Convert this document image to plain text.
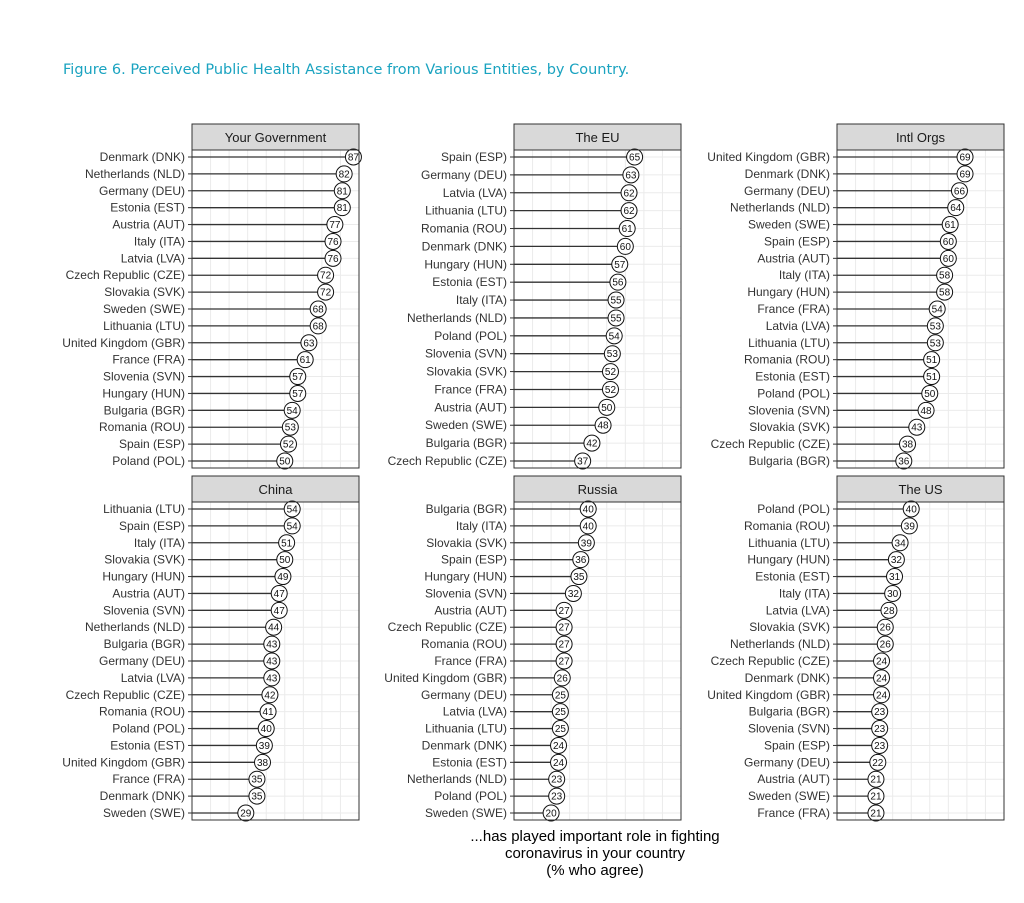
Figure 6. Perceived Public Health Assistance from Various Entities, by Country.
Your Government
Denmark (DNK)	87
Netherlands (NLD)	82
Germany (DEU)	81
Estonia (EST)	81
Austria (AUT)	77
Italy (ITA)	76
Latvia (LVA)	76
Czech Republic (CZE)	72
Slovakia (SVK)	72
Sweden (SWE)	68
Lithuania (LTU)	68
United Kingdom (GBR)	63
France (FRA)	61
Slovenia (SVN)	57
Hungary (HUN)	57
Bulgaria (BGR)	54
Romania (ROU)	53
Spain (ESP)	52
Poland (POL)	50
The EU
Spain (ESP)	65
Germany (DEU)	63
Latvia (LVA)	62
Lithuania (LTU)	62
Romania (ROU)	61
Denmark (DNK)	60
Hungary (HUN)	57
Estonia (EST)	56
Italy (ITA)	55
Netherlands (NLD)	55
Poland (POL)	54
Slovenia (SVN)	53
Slovakia (SVK)	52
France (FRA)	52
Austria (AUT)	50
Sweden (SWE)	48
Bulgaria (BGR)	42
Czech Republic (CZE)	37
Intl Orgs
United Kingdom (GBR)	69
Denmark (DNK)	69
Germany (DEU)	66
Netherlands (NLD)	64
Sweden (SWE)	61
Spain (ESP)	60
Austria (AUT)	60
Italy (ITA)	58
Hungary (HUN)	58
France (FRA)	54
Latvia (LVA)	53
Lithuania (LTU)	53
Romania (ROU)	51
Estonia (EST)	51
Poland (POL)	50
Slovenia (SVN)	48
Slovakia (SVK)	43
Czech Republic (CZE)	38
Bulgaria (BGR)	36
China
Lithuania (LTU)	54
Spain (ESP)	54
Italy (ITA)	51
Slovakia (SVK)	50
Hungary (HUN)	49
Austria (AUT)	47
Slovenia (SVN)	47
Netherlands (NLD)	44
Bulgaria (BGR)	43
Germany (DEU)	43
Latvia (LVA)	43
Czech Republic (CZE)	42
Romania (ROU)	41
Poland (POL)	40
Estonia (EST)	39
United Kingdom (GBR)	38
France (FRA)	35
Denmark (DNK)	35
Sweden (SWE)	29
Russia
Bulgaria (BGR)	40
Italy (ITA)	40
Slovakia (SVK)	39
Spain (ESP)	36
Hungary (HUN)	35
Slovenia (SVN)	32
Austria (AUT)	27
Czech Republic (CZE)	27
Romania (ROU)	27
France (FRA)	27
United Kingdom (GBR)	26
Germany (DEU)	25
Latvia (LVA)	25
Lithuania (LTU)	25
Denmark (DNK)	24
Estonia (EST)	24
Netherlands (NLD)	23
Poland (POL)	23
Sweden (SWE)	20
The US
Poland (POL)	40
Romania (ROU)	39
Lithuania (LTU)	34
Hungary (HUN)	32
Estonia (EST)	31
Italy (ITA)	30
Latvia (LVA)	28
Slovakia (SVK)	26
Netherlands (NLD)	26
Czech Republic (CZE)	24
Denmark (DNK)	24
United Kingdom (GBR)	24
Bulgaria (BGR)	23
Slovenia (SVN)	23
Spain (ESP)	23
Germany (DEU)	22
Austria (AUT)	21
Sweden (SWE)	21
France (FRA)	21
...has played important role in fighting
coronavirus in your country
(% who agree)
